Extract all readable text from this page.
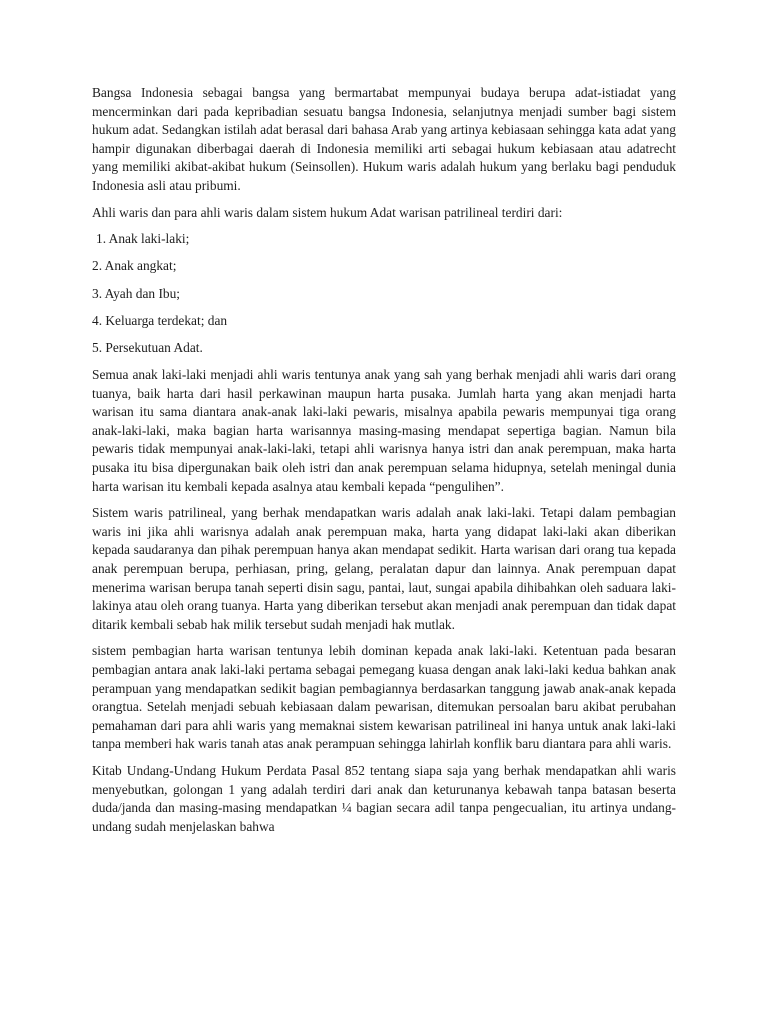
Bangsa Indonesia sebagai bangsa yang bermartabat mempunyai budaya berupa adat-istiadat yang mencerminkan dari pada kepribadian sesuatu bangsa Indonesia, selanjutnya menjadi sumber bagi sistem hukum adat. Sedangkan istilah adat berasal dari bahasa Arab yang artinya kebiasaan sehingga kata adat yang hampir digunakan diberbagai daerah di Indonesia memiliki arti sebagai hukum kebiasaan atau adatrecht yang memiliki akibat-akibat hukum (Seinsollen). Hukum waris adalah hukum yang berlaku bagi penduduk Indonesia asli atau pribumi.

Ahli waris dan para ahli waris dalam sistem hukum Adat warisan patrilineal terdiri dari:

1. Anak laki-laki;
2. Anak angkat;
3. Ayah dan Ibu;
4. Keluarga terdekat; dan
5. Persekutuan Adat.

Semua anak laki-laki menjadi ahli waris tentunya anak yang sah yang berhak menjadi ahli waris dari orang tuanya, baik harta dari hasil perkawinan maupun harta pusaka. Jumlah harta yang akan menjadi harta warisan itu sama diantara anak-anak laki-laki pewaris, misalnya apabila pewaris mempunyai tiga orang anak-laki-laki, maka bagian harta warisannya masing-masing mendapat sepertiga bagian. Namun bila pewaris tidak mempunyai anak-laki-laki, tetapi ahli warisnya hanya istri dan anak perempuan, maka harta pusaka itu bisa dipergunakan baik oleh istri dan anak perempuan selama hidupnya, setelah meningal dunia harta warisan itu kembali kepada asalnya atau kembali kepada “pengulihen”.

Sistem waris patrilineal, yang berhak mendapatkan waris adalah anak laki-laki. Tetapi dalam pembagian waris ini jika ahli warisnya adalah anak perempuan maka, harta yang didapat laki-laki akan diberikan kepada saudaranya dan pihak perempuan hanya akan mendapat sedikit. Harta warisan dari orang tua kepada anak perempuan berupa, perhiasan, pring, gelang, peralatan dapur dan lainnya. Anak perempuan dapat menerima warisan berupa tanah seperti disin sagu, pantai, laut, sungai apabila dihibahkan oleh saduara laki-lakinya atau oleh orang tuanya. Harta yang diberikan tersebut akan menjadi anak perempuan dan tidak dapat ditarik kembali sebab hak milik tersebut sudah menjadi hak mutlak.

sistem pembagian harta warisan tentunya lebih dominan kepada anak laki-laki. Ketentuan pada besaran pembagian antara anak laki-laki pertama sebagai pemegang kuasa dengan anak laki-laki kedua bahkan anak perampuan yang mendapatkan sedikit bagian pembagiannya berdasarkan tanggung jawab anak-anak kepada orangtua. Setelah menjadi sebuah kebiasaan dalam pewarisan, ditemukan persoalan baru akibat perubahan pemahaman dari para ahli waris yang memaknai sistem kewarisan patrilineal ini hanya untuk anak laki-laki tanpa memberi hak waris tanah atas anak perampuan sehingga lahirlah konflik baru diantara para ahli waris.

Kitab Undang-Undang Hukum Perdata Pasal 852 tentang siapa saja yang berhak mendapatkan ahli waris menyebutkan, golongan 1 yang adalah terdiri dari anak dan keturunanya kebawah tanpa batasan beserta duda/janda dan masing-masing mendapatkan ¼ bagian secara adil tanpa pengecualian, itu artinya undang-undang sudah menjelaskan bahwa
